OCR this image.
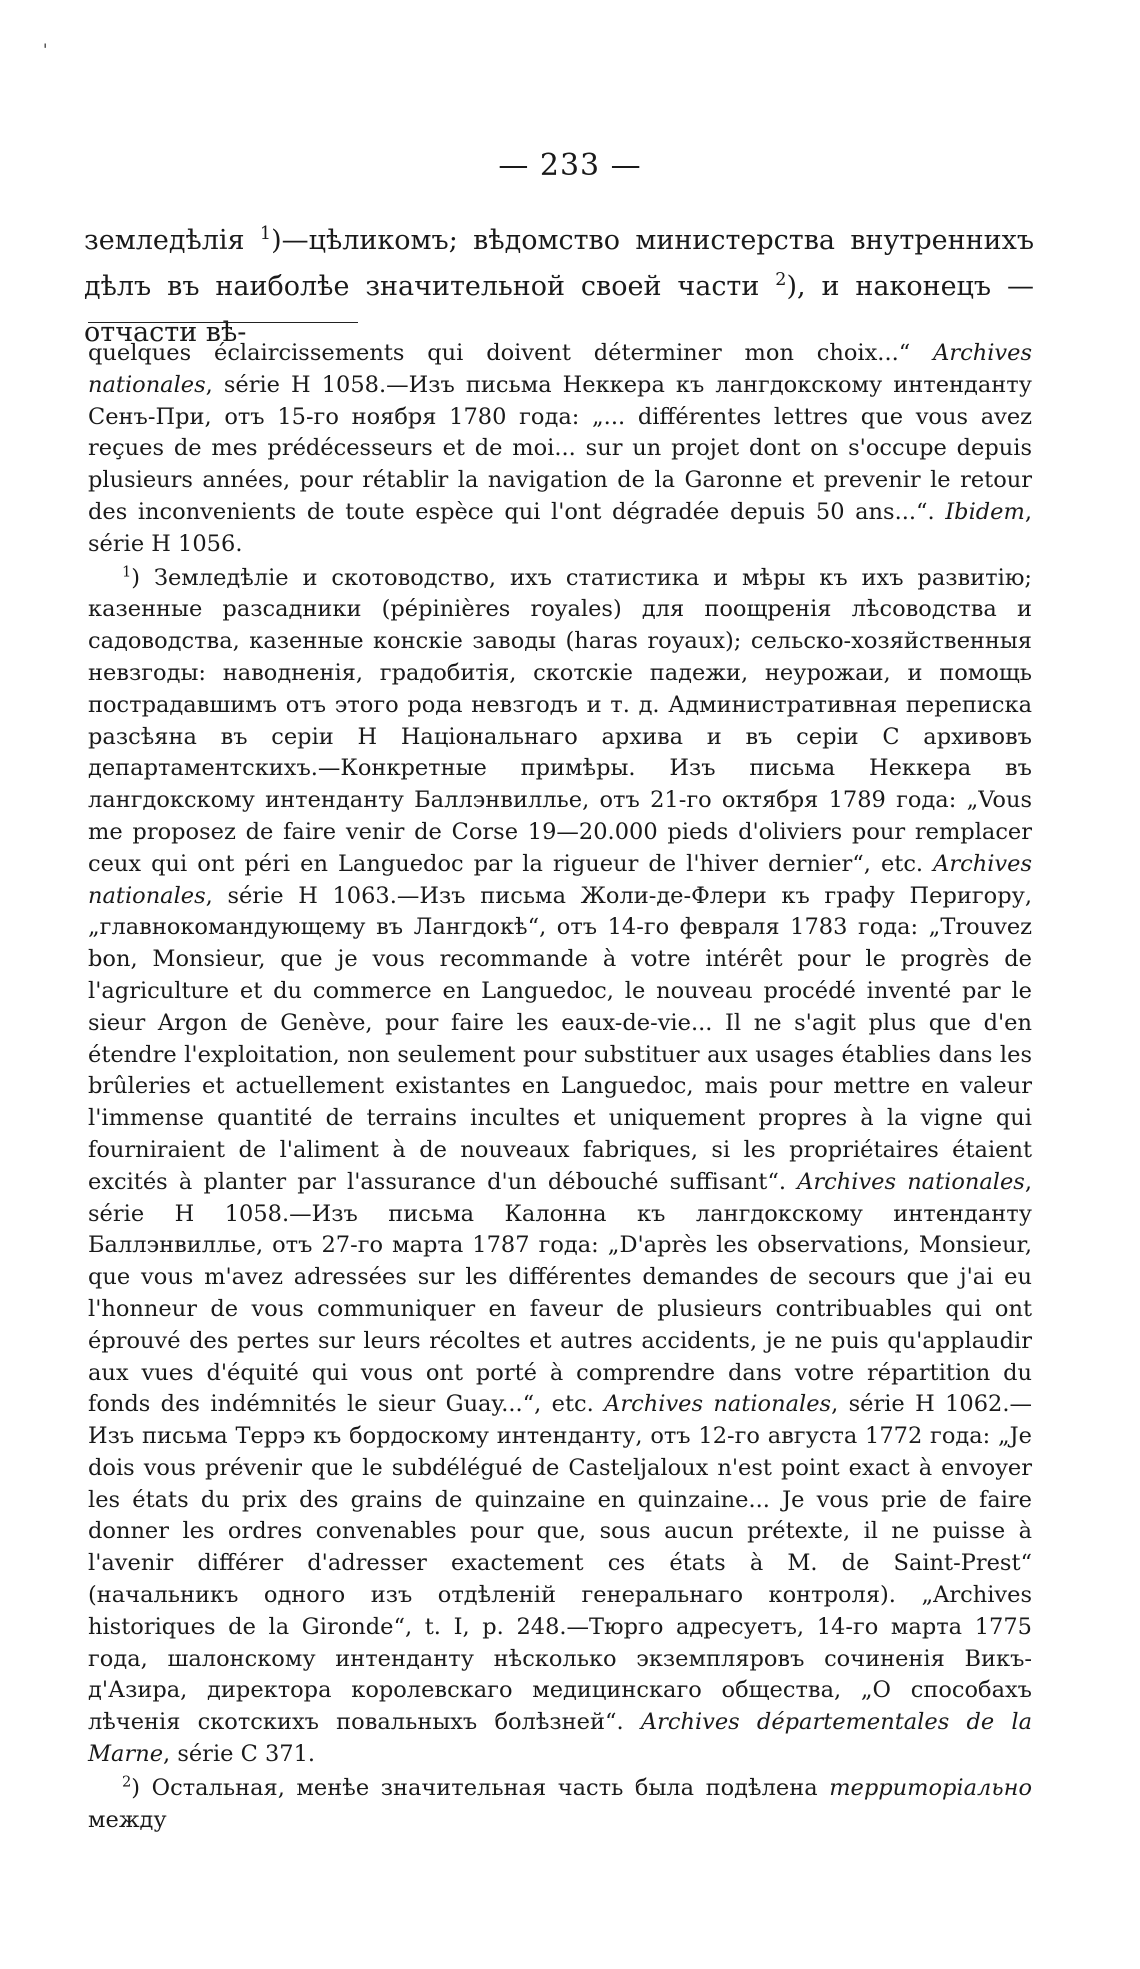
'
— 233 —

земледѣлія $^1$)—цѣликомъ; вѣдомство министерства внутреннихъ дѣлъ въ наиболѣе значительной своей части $^2$), и наконецъ —отчасти вѣ-

quelques éclaircissements qui doivent déterminer mon choix...“ Archives nationales, série H 1058.—Изъ письма Неккера къ лангдокскому интенданту Сенъ-При, отъ 15-го ноября 1780 года: „... différentes lettres que vous avez reçues de mes prédécesseurs et de moi... sur un projet dont on s'occupe depuis plusieurs années, pour rétablir la navigation de la Garonne et prevenir le retour des inconvenients de toute espèce qui l'ont dégradée depuis 50 ans...“. Ibidem, série H 1056.

$^1$) Земледѣліе и скотоводство, ихъ статистика и мѣры къ ихъ развитію; казенные разсадники (pépinières royales) для поощренія лѣсоводства и садоводства, казенные конскіе заводы (haras royaux); сельско-хозяйственныя невзгоды: наводненія, градобитія, скотскіе падежи, неурожаи, и помощь пострадавшимъ отъ этого рода невзгодъ и т. д. Административная переписка разсѣяна въ серіи H Національнаго архива и въ серіи C архивовъ департаментскихъ.—Конкретные примѣры. Изъ письма Неккера въ лангдокскому интенданту Баллэнвиллье, отъ 21-го октября 1789 года: „Vous me proposez de faire venir de Corse 19—20.000 pieds d'oliviers pour remplacer ceux qui ont péri en Languedoc par la rigueur de l'hiver dernier“, etc. Archives nationales, série H 1063.—Изъ письма Жоли-де-Флери къ графу Перигору, „главнокомандующему въ Лангдокѣ“, отъ 14-го февраля 1783 года: „Trouvez bon, Monsieur, que je vous recommande à votre intérêt pour le progrès de l'agriculture et du commerce en Languedoc, le nouveau procédé inventé par le sieur Argon de Genève, pour faire les eaux-de-vie... Il ne s'agit plus que d'en étendre l'exploitation, non seulement pour substituer aux usages établies dans les brûleries et actuellement existantes en Languedoc, mais pour mettre en valeur l'immense quantité de terrains incultes et uniquement propres à la vigne qui fourniraient de l'aliment à de nouveaux fabriques, si les propriétaires étaient excités à planter par l'assurance d'un débouché suffisant“. Archives nationales, série H 1058.—Изъ письма Калонна къ лангдокскому интенданту Баллэнвиллье, отъ 27-го марта 1787 года: „D'après les observations, Monsieur, que vous m'avez adressées sur les différentes demandes de secours que j'ai eu l'honneur de vous communiquer en faveur de plusieurs contribuables qui ont éprouvé des pertes sur leurs récoltes et autres accidents, je ne puis qu'applaudir aux vues d'équité qui vous ont porté à comprendre dans votre répartition du fonds des indémnités le sieur Guay...“, etc. Archives nationales, série H 1062.—Изъ письма Террэ къ бордоскому интенданту, отъ 12-го августа 1772 года: „Je dois vous prévenir que le subdélégué de Casteljaloux n'est point exact à envoyer les états du prix des grains de quinzaine en quinzaine... Je vous prie de faire donner les ordres convenables pour que, sous aucun prétexte, il ne puisse à l'avenir différer d'adresser exactement ces états à M. de Saint-Prest“ (начальникъ одного изъ отдѣленій генеральнаго контроля). „Archives historiques de la Gironde“, t. I, p. 248.—Тюрго адресуетъ, 14-го марта 1775 года, шалонскому интенданту нѣсколько экземпляровъ сочиненія Викъ-д'Азира, директора королевскаго медицинскаго общества, „О способахъ лѣченія скотскихъ повальныхъ болѣзней“. Archives départementales de la Marne, série C 371.

$^2$) Остальная, менѣе значительная часть была подѣлена территоріально между
